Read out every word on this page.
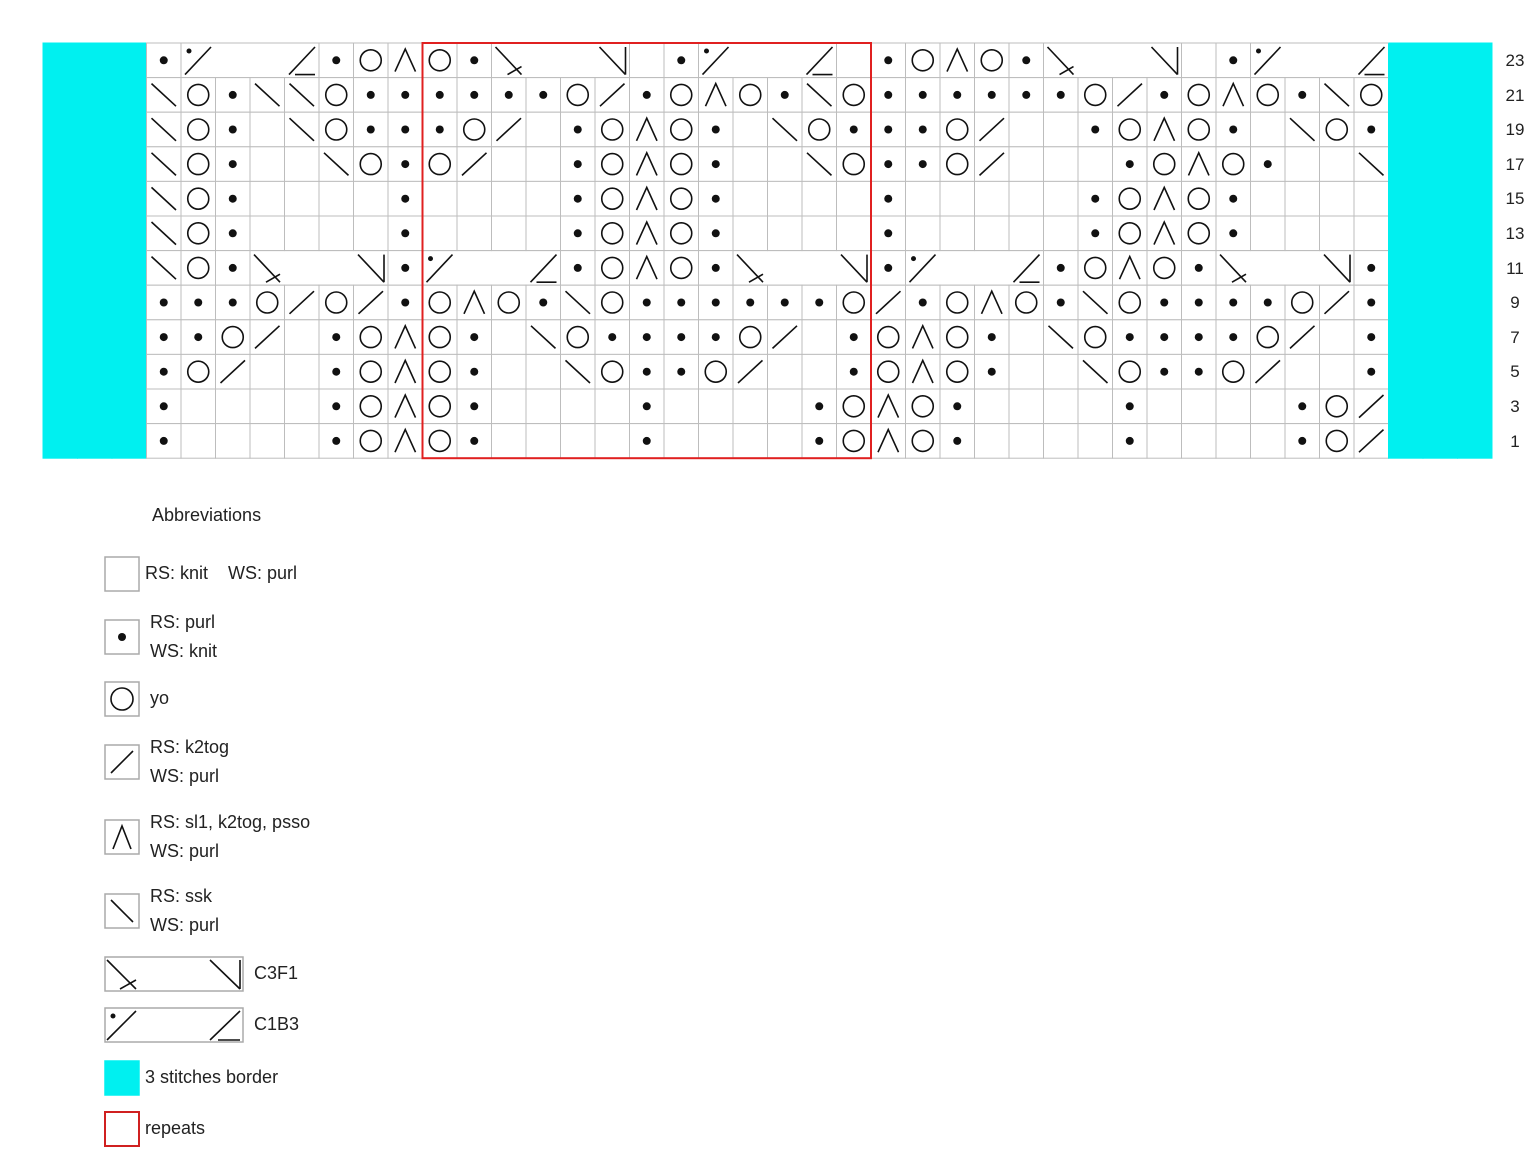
23
21
19
17
15
13
11
9
7
5
3
1
Abbreviations
RS: knit    WS: purl
RS: purl
WS: knit
yo
RS: k2tog
WS: purl
RS: sl1, k2tog, psso
WS: purl
RS: ssk
WS: purl
C3F1
C1B3
3 stitches border
repeats
